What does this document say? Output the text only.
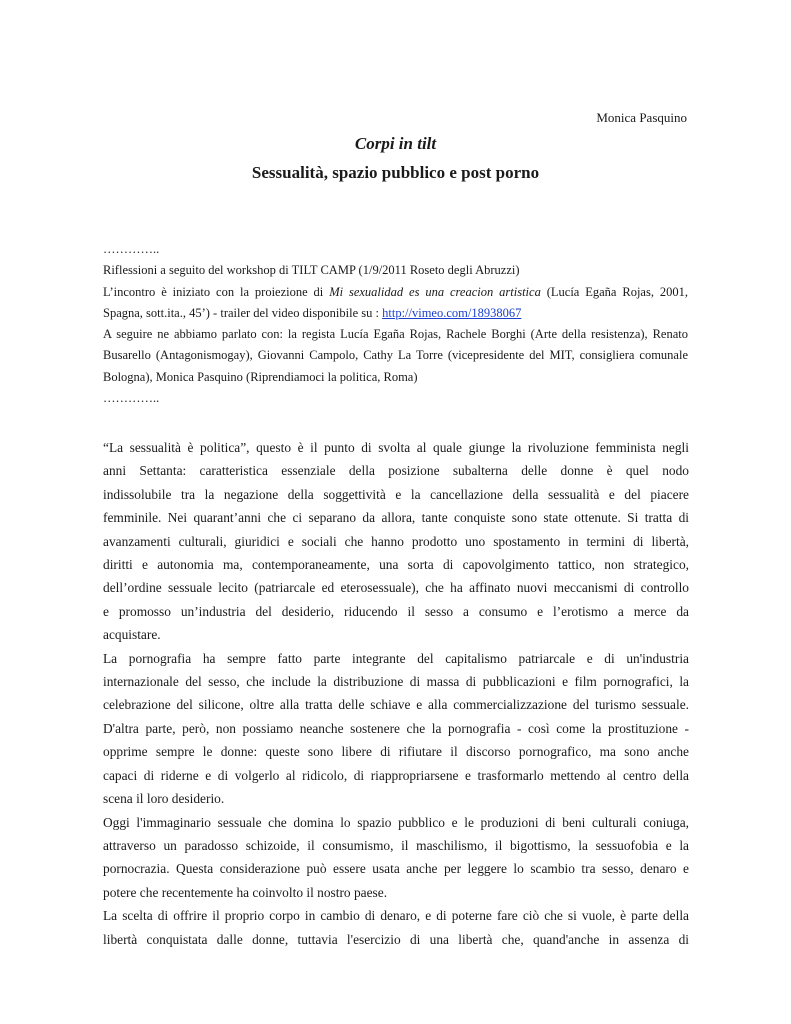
Monica Pasquino
Corpi in tilt
Sessualità, spazio pubblico e post porno

…………..

Riflessioni a seguito del workshop di TILT CAMP (1/9/2011 Roseto degli Abruzzi)

L’incontro è iniziato con la proiezione di Mi sexualidad es una creacion artistica (Lucía Egaña Rojas, 2001,
Spagna, sott.ita., 45’) - trailer del video disponibile su : http://vimeo.com/18938067

A seguire ne abbiamo parlato con: la regista Lucía Egaña Rojas, Rachele Borghi (Arte della resistenza), Renato
Busarello (Antagonismogay), Giovanni Campolo, Cathy La Torre (vicepresidente del MIT, consigliera comunale
Bologna), Monica Pasquino (Riprendiamoci la politica, Roma)

…………..

“La sessualità è politica”, questo è il punto di svolta al quale giunge la rivoluzione femminista negli
anni Settanta: caratteristica essenziale della posizione subalterna delle donne è quel nodo
indissolubile tra la negazione della soggettività e la cancellazione della sessualità e del piacere
femminile. Nei quarant’anni che ci separano da allora, tante conquiste sono state ottenute. Si tratta di
avanzamenti culturali, giuridici e sociali che hanno prodotto uno spostamento in termini di libertà,
diritti e autonomia ma, contemporaneamente, una sorta di capovolgimento tattico, non strategico,
dell’ordine sessuale lecito (patriarcale ed eterosessuale), che ha affinato nuovi meccanismi di controllo
e promosso un’industria del desiderio, riducendo il sesso a consumo e l’erotismo a merce da
acquistare.

La pornografia ha sempre fatto parte integrante del capitalismo patriarcale e di un'industria
internazionale del sesso, che include la distribuzione di massa di pubblicazioni e film pornografici, la
celebrazione del silicone, oltre alla tratta delle schiave e alla commercializzazione del turismo sessuale.
D'altra parte, però, non possiamo neanche sostenere che la pornografia - così come la prostituzione -
opprime sempre le donne: queste sono libere di rifiutare il discorso pornografico, ma sono anche
capaci di riderne e di volgerlo al ridicolo, di riappropriarsene e trasformarlo mettendo al centro della
scena il loro desiderio.

Oggi l'immaginario sessuale che domina lo spazio pubblico e le produzioni di beni culturali coniuga,
attraverso un paradosso schizoide, il consumismo, il maschilismo, il bigottismo, la sessuofobia e la
pornocrazia. Questa considerazione può essere usata anche per leggere lo scambio tra sesso, denaro e
potere che recentemente ha coinvolto il nostro paese.

La scelta di offrire il proprio corpo in cambio di denaro, e di poterne fare ciò che si vuole, è parte della
libertà conquistata dalle donne, tuttavia l'esercizio di una libertà che, quand'anche in assenza di
